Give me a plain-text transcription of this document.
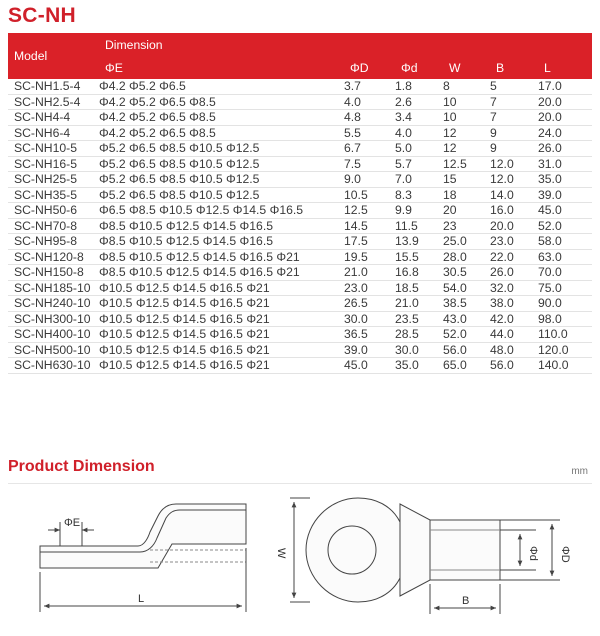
SC-NH
Model	Dimension					
	ΦE	ΦD	Φd	W	B	L
SC-NH1.5-4	Φ4.2 Φ5.2 Φ6.5	3.7	1.8	8	5	17.0
SC-NH2.5-4	Φ4.2 Φ5.2 Φ6.5 Φ8.5	4.0	2.6	10	7	20.0
SC-NH4-4	Φ4.2 Φ5.2 Φ6.5 Φ8.5	4.8	3.4	10	7	20.0
SC-NH6-4	Φ4.2 Φ5.2 Φ6.5 Φ8.5	5.5	4.0	12	9	24.0
SC-NH10-5	Φ5.2 Φ6.5 Φ8.5 Φ10.5 Φ12.5	6.7	5.0	12	9	26.0
SC-NH16-5	Φ5.2 Φ6.5 Φ8.5 Φ10.5 Φ12.5	7.5	5.7	12.5	12.0	31.0
SC-NH25-5	Φ5.2 Φ6.5 Φ8.5 Φ10.5 Φ12.5	9.0	7.0	15	12.0	35.0
SC-NH35-5	Φ5.2 Φ6.5 Φ8.5 Φ10.5 Φ12.5	10.5	8.3	18	14.0	39.0
SC-NH50-6	Φ6.5 Φ8.5 Φ10.5 Φ12.5 Φ14.5 Φ16.5	12.5	9.9	20	16.0	45.0
SC-NH70-8	Φ8.5 Φ10.5 Φ12.5 Φ14.5 Φ16.5	14.5	11.5	23	20.0	52.0
SC-NH95-8	Φ8.5 Φ10.5 Φ12.5 Φ14.5 Φ16.5	17.5	13.9	25.0	23.0	58.0
SC-NH120-8	Φ8.5 Φ10.5 Φ12.5 Φ14.5 Φ16.5 Φ21	19.5	15.5	28.0	22.0	63.0
SC-NH150-8	Φ8.5 Φ10.5 Φ12.5 Φ14.5 Φ16.5 Φ21	21.0	16.8	30.5	26.0	70.0
SC-NH185-10	Φ10.5 Φ12.5 Φ14.5 Φ16.5 Φ21	23.0	18.5	54.0	32.0	75.0
SC-NH240-10	Φ10.5 Φ12.5 Φ14.5 Φ16.5 Φ21	26.5	21.0	38.5	38.0	90.0
SC-NH300-10	Φ10.5 Φ12.5 Φ14.5 Φ16.5 Φ21	30.0	23.5	43.0	42.0	98.0
SC-NH400-10	Φ10.5 Φ12.5 Φ14.5 Φ16.5 Φ21	36.5	28.5	52.0	44.0	110.0
SC-NH500-10	Φ10.5 Φ12.5 Φ14.5 Φ16.5 Φ21	39.0	30.0	56.0	48.0	120.0
SC-NH630-10	Φ10.5 Φ12.5 Φ14.5 Φ16.5 Φ21	45.0	35.0	65.0	56.0	140.0
Product Dimension	mm
ΦE
L
W
B
Φd ΦD
